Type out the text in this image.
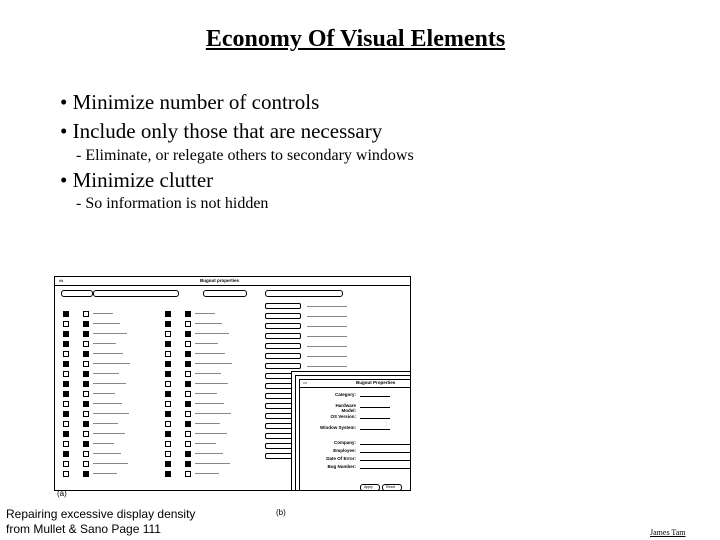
Economy Of Visual Elements
• Minimize number of controls
• Include only those that are necessary
- Eliminate, or relegate others to secondary windows
• Minimize clutter
- So information is not hidden
▭	Bugout properties
▭	Bugout Properties
Category:
Hardware Model:
OS Version:
Window System:
Company:
Employee:
Date Of Error:
Bug Number:
Apply	Reset
(a)
(b)
Repairing excessive display density
from Mullet & Sano Page 111	James Tam
